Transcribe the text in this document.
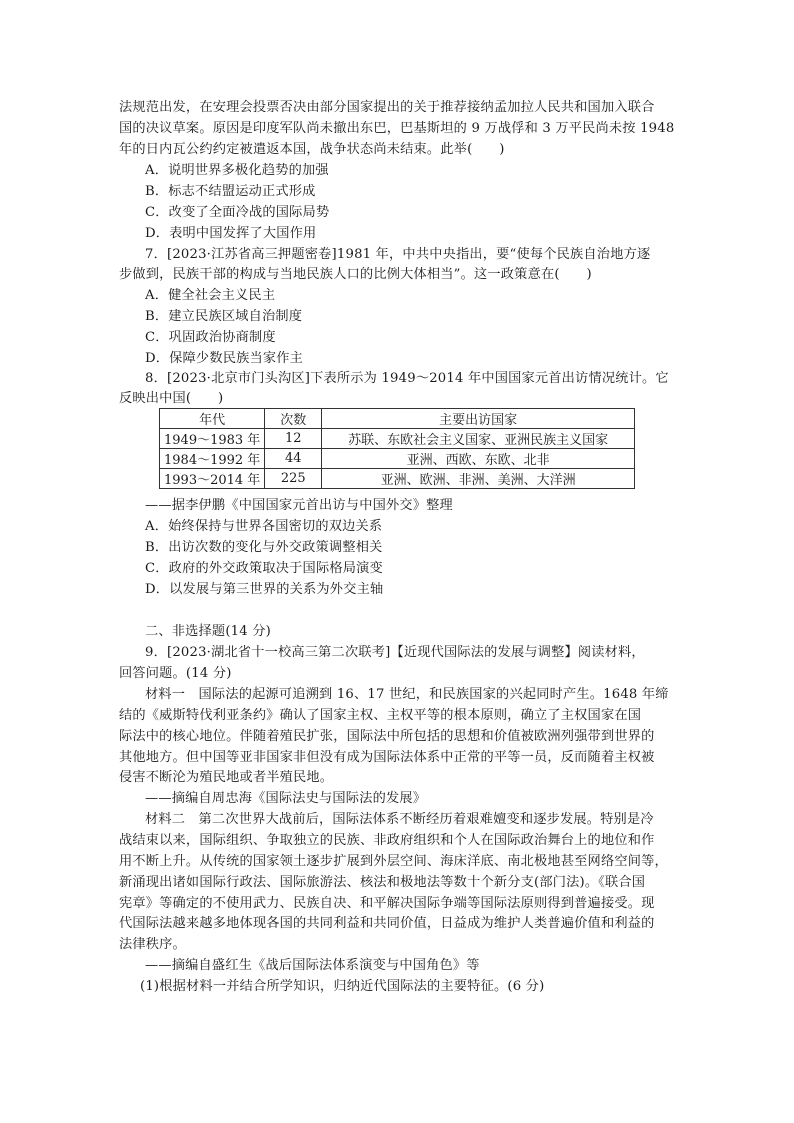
法规范出发，在安理会投票否决由部分国家提出的关于推荐接纳孟加拉人民共和国加入联合
国的决议草案。原因是印度军队尚未撤出东巴，巴基斯坦的 9 万战俘和 3 万平民尚未按 1948
年的日内瓦公约约定被遣返本国，战争状态尚未结束。此举(　　)
A．说明世界多极化趋势的加强
B．标志不结盟运动正式形成
C．改变了全面冷战的国际局势
D．表明中国发挥了大国作用
7．[2023·江苏省高三押题密卷]1981 年，中共中央指出，要“使每个民族自治地方逐
步做到，民族干部的构成与当地民族人口的比例大体相当”。这一政策意在(　　)
A．健全社会主义民主
B．建立民族区域自治制度
C．巩固政治协商制度
D．保障少数民族当家作主
8．[2023·北京市门头沟区]下表所示为 1949～2014 年中国国家元首出访情况统计。它
反映出中国(　　)
年代	次数	主要出访国家
1949～1983 年	12	苏联、东欧社会主义国家、亚洲民族主义国家
1984～1992 年	44	亚洲、西欧、东欧、北非
1993～2014 年	225	亚洲、欧洲、非洲、美洲、大洋洲
——据李伊鹏《中国国家元首出访与中国外交》整理
A．始终保持与世界各国密切的双边关系
B．出访次数的变化与外交政策调整相关
C．政府的外交政策取决于国际格局演变
D．以发展与第三世界的关系为外交主轴
二、非选择题(14 分)
9．[2023·湖北省十一校高三第二次联考]【近现代国际法的发展与调整】阅读材料，
回答问题。(14 分)
材料一　国际法的起源可追溯到 16、17 世纪，和民族国家的兴起同时产生。1648 年缔
结的《威斯特伐利亚条约》确认了国家主权、主权平等的根本原则，确立了主权国家在国
际法中的核心地位。伴随着殖民扩张，国际法中所包括的思想和价值被欧洲列强带到世界的
其他地方。但中国等亚非国家非但没有成为国际法体系中正常的平等一员，反而随着主权被
侵害不断沦为殖民地或者半殖民地。
——摘编自周忠海《国际法史与国际法的发展》
材料二　第二次世界大战前后，国际法体系不断经历着艰难嬗变和逐步发展。特别是冷
战结束以来，国际组织、争取独立的民族、非政府组织和个人在国际政治舞台上的地位和作
用不断上升。从传统的国家领土逐步扩展到外层空间、海床洋底、南北极地甚至网络空间等，
新涌现出诸如国际行政法、国际旅游法、核法和极地法等数十个新分支(部门法)。《联合国
宪章》等确定的不使用武力、民族自决、和平解决国际争端等国际法原则得到普遍接受。现
代国际法越来越多地体现各国的共同利益和共同价值，日益成为维护人类普遍价值和利益的
法律秩序。
——摘编自盛红生《战后国际法体系演变与中国角色》等
(1)根据材料一并结合所学知识，归纳近代国际法的主要特征。(6 分)
